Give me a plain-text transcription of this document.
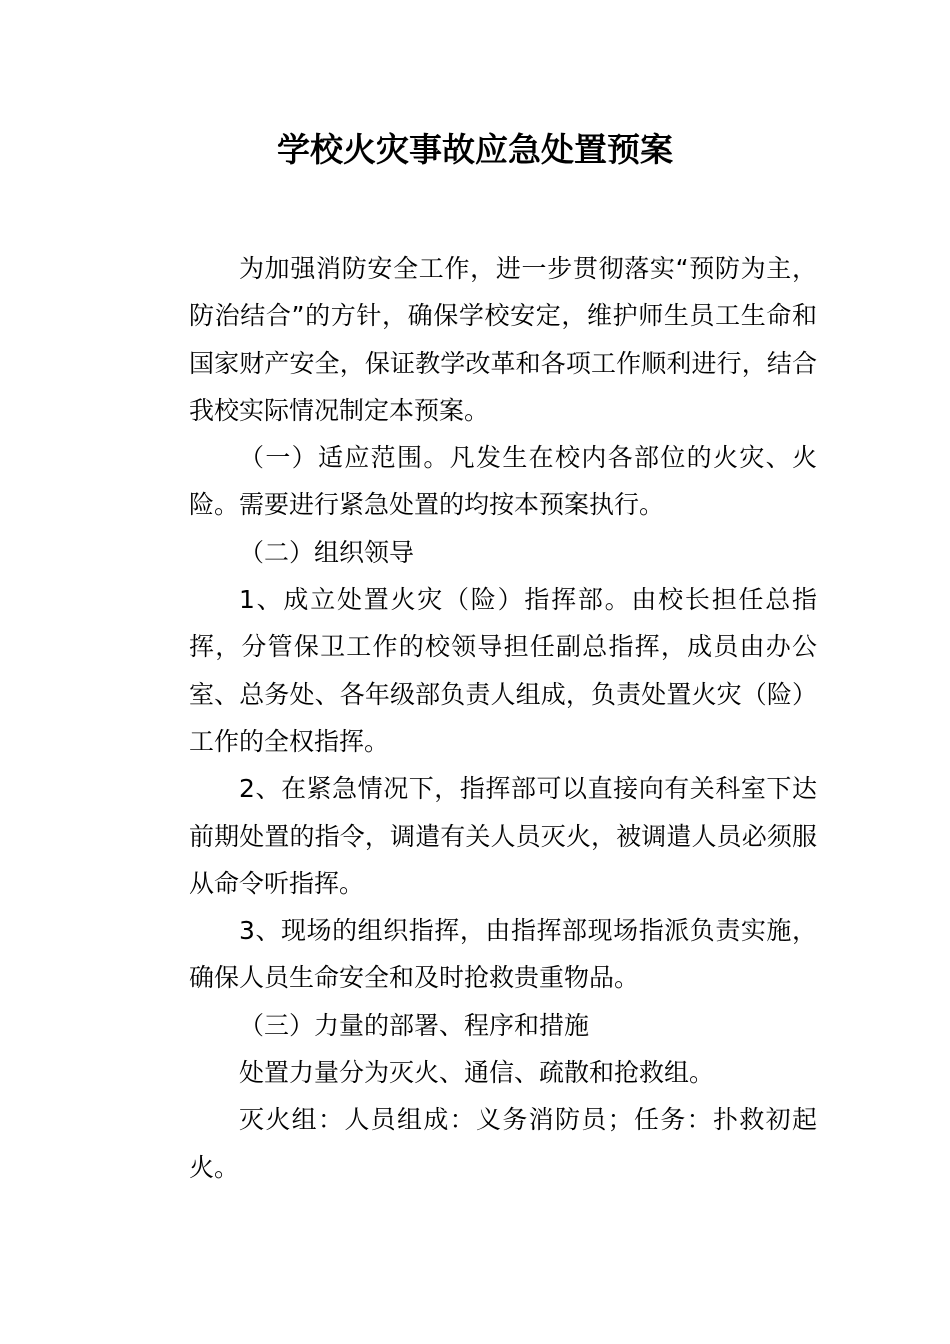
学校火灾事故应急处置预案

为加强消防安全工作，进一步贯彻落实“预防为主，防治结合”的方针，确保学校安定，维护师生员工生命和国家财产安全，保证教学改革和各项工作顺利进行，结合我校实际情况制定本预案。

（一）适应范围。凡发生在校内各部位的火灾、火险。需要进行紧急处置的均按本预案执行。

（二）组织领导

1、成立处置火灾（险）指挥部。由校长担任总指挥，分管保卫工作的校领导担任副总指挥，成员由办公室、总务处、各年级部负责人组成，负责处置火灾（险）工作的全权指挥。

2、在紧急情况下，指挥部可以直接向有关科室下达前期处置的指令，调遣有关人员灭火，被调遣人员必须服从命令听指挥。

3、现场的组织指挥，由指挥部现场指派负责实施，确保人员生命安全和及时抢救贵重物品。

（三）力量的部署、程序和措施

处置力量分为灭火、通信、疏散和抢救组。

灭火组：人员组成：义务消防员；任务：扑救初起火。
